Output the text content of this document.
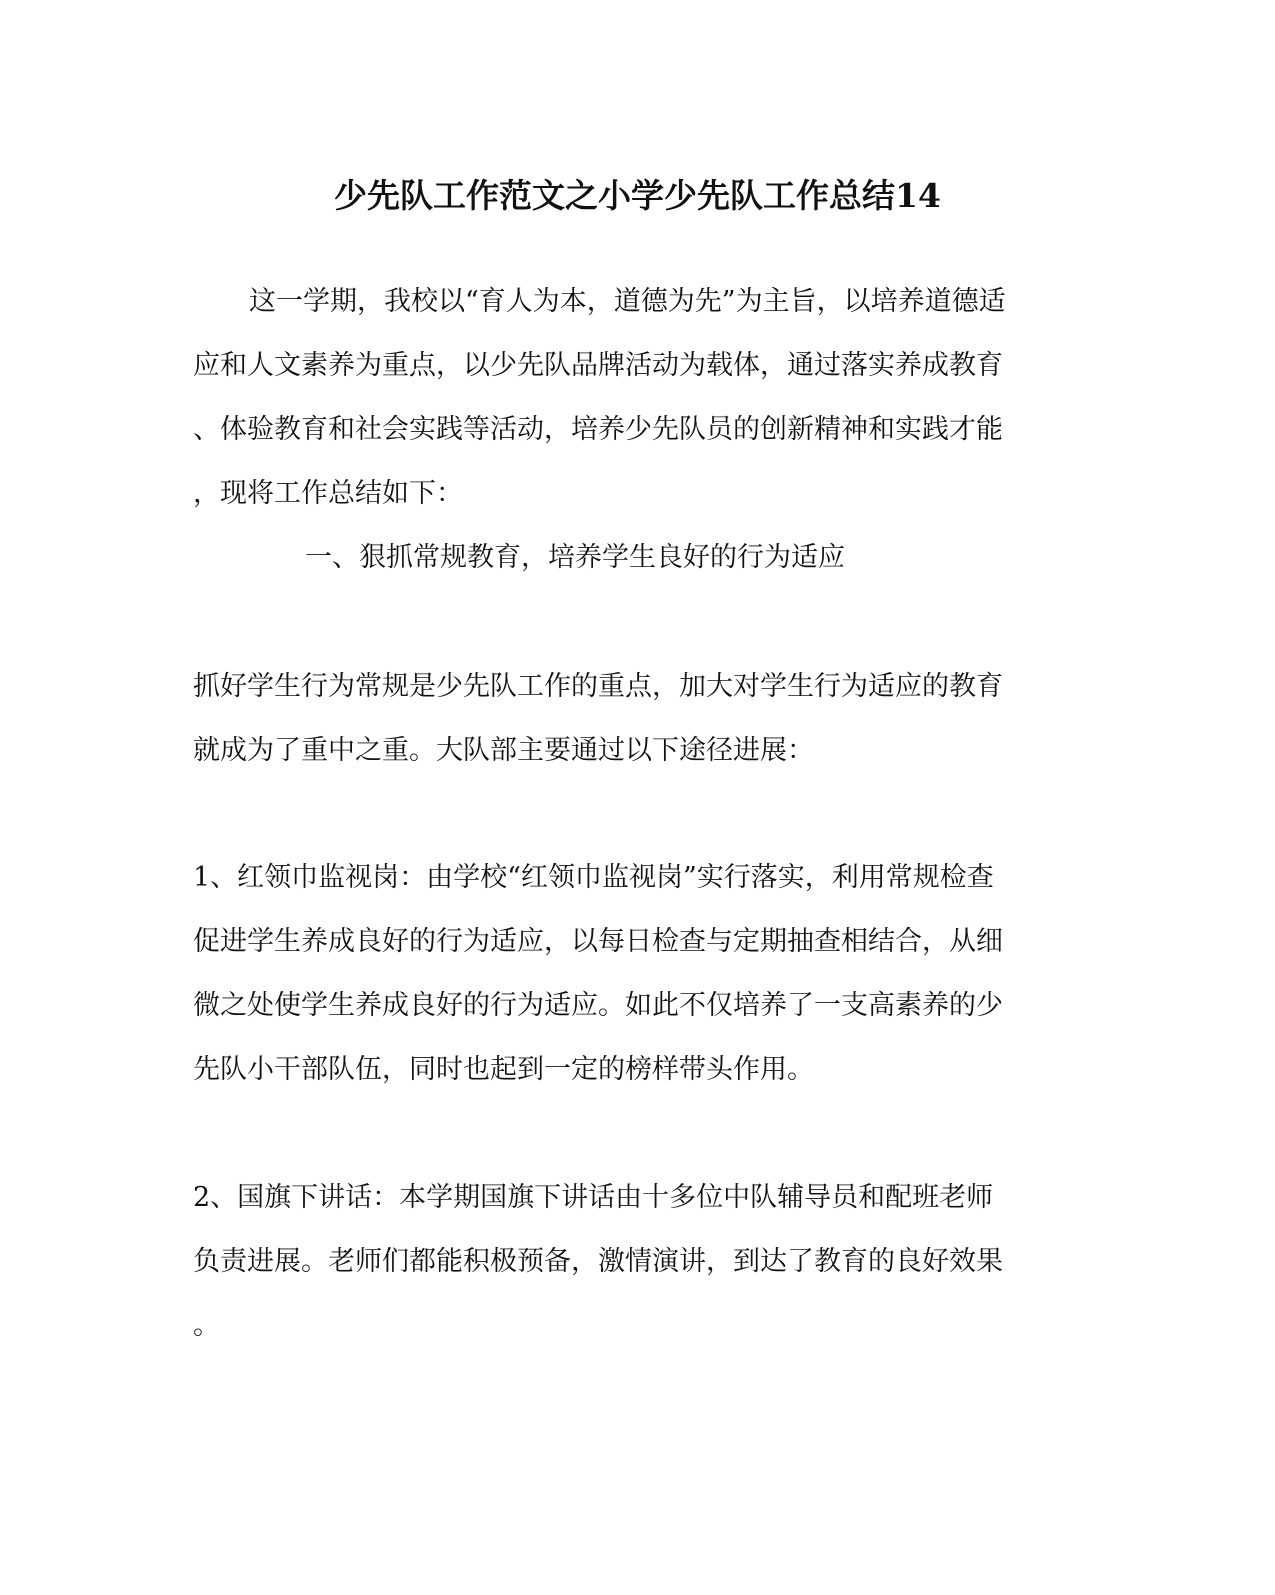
少先队工作范文之小学少先队工作总结14
这一学期，我校以“育人为本，道德为先”为主旨，以培养道德适
应和人文素养为重点，以少先队品牌活动为载体，通过落实养成教育
、体验教育和社会实践等活动，培养少先队员的创新精神和实践才能
，现将工作总结如下：
一、狠抓常规教育，培养学生良好的行为适应
抓好学生行为常规是少先队工作的重点，加大对学生行为适应的教育
就成为了重中之重。大队部主要通过以下途径进展：
1、红领巾监视岗：由学校“红领巾监视岗”实行落实，利用常规检查
促进学生养成良好的行为适应，以每日检查与定期抽查相结合，从细
微之处使学生养成良好的行为适应。如此不仅培养了一支高素养的少
先队小干部队伍，同时也起到一定的榜样带头作用。
2、国旗下讲话：本学期国旗下讲话由十多位中队辅导员和配班老师
负责进展。老师们都能积极预备，激情演讲，到达了教育的良好效果
。
